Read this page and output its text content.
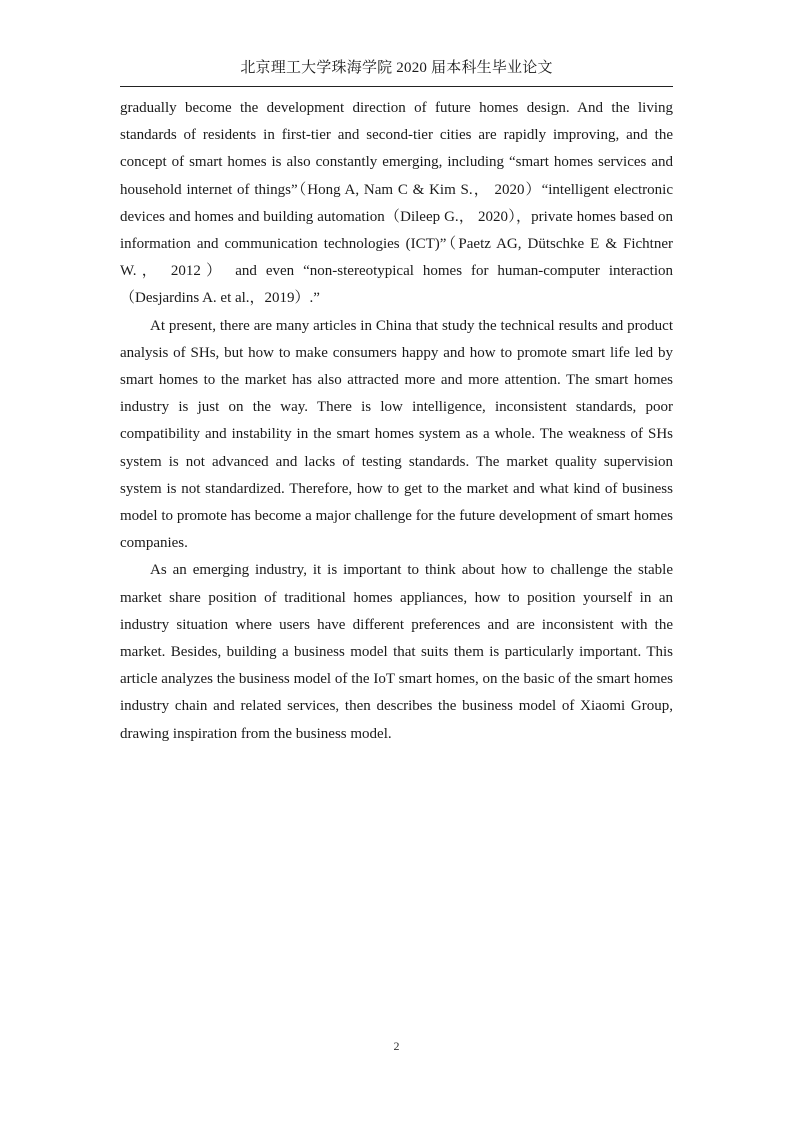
北京理工大学珠海学院 2020 届本科生毕业论文

gradually become the development direction of future homes design. And the living standards of residents in first-tier and second-tier cities are rapidly improving, and the concept of smart homes is also constantly emerging, including “smart homes services and household internet of things”（Hong A, Nam C & Kim S.， 2020）“intelligent electronic devices and homes and building automation（Dileep G.， 2020），private homes based on information and communication technologies (ICT)”（Paetz AG, Dütschke E & Fichtner W.， 2012） and even “non-stereotypical homes for human-computer interaction （Desjardins A. et al.，2019）.”

At present, there are many articles in China that study the technical results and product analysis of SHs, but how to make consumers happy and how to promote smart life led by smart homes to the market has also attracted more and more attention. The smart homes industry is just on the way. There is low intelligence, inconsistent standards, poor compatibility and instability in the smart homes system as a whole. The weakness of SHs system is not advanced and lacks of testing standards. The market quality supervision system is not standardized. Therefore, how to get to the market and what kind of business model to promote has become a major challenge for the future development of smart homes companies.

As an emerging industry, it is important to think about how to challenge the stable market share position of traditional homes appliances, how to position yourself in an industry situation where users have different preferences and are inconsistent with the market. Besides, building a business model that suits them is particularly important. This article analyzes the business model of the IoT smart homes, on the basic of the smart homes industry chain and related services, then describes the business model of Xiaomi Group, drawing inspiration from the business model.

2
